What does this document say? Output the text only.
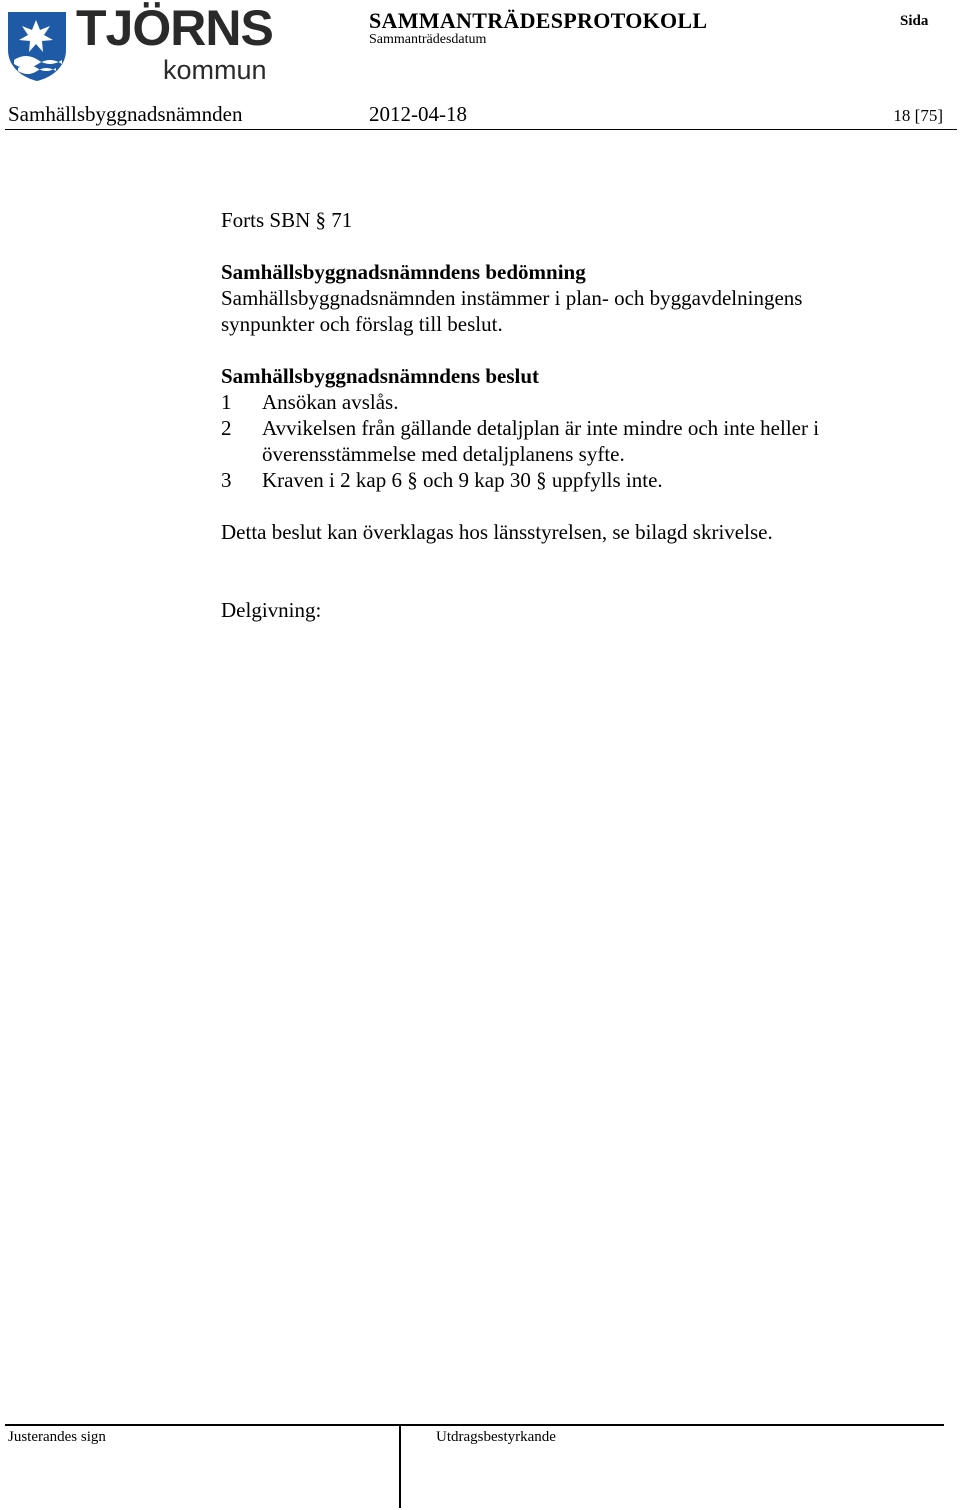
TJÖRNS
kommun
SAMMANTRÄDESPROTOKOLL
Sammanträdesdatum
Sida
Samhällsbyggnadsnämnden	2012-04-18	18 [75]
Forts SBN § 71
Samhällsbyggnadsnämndens bedömning
Samhällsbyggnadsnämnden instämmer i plan- och byggavdelningens synpunkter och förslag till beslut.
Samhällsbyggnadsnämndens beslut
1 Ansökan avslås.
2 Avvikelsen från gällande detaljplan är inte mindre och inte heller i överensstämmelse med detaljplanens syfte.
3 Kraven i 2 kap 6 § och 9 kap 30 § uppfylls inte.
Detta beslut kan överklagas hos länsstyrelsen, se bilagd skrivelse.
Delgivning:
Justerandes sign	Utdragsbestyrkande
